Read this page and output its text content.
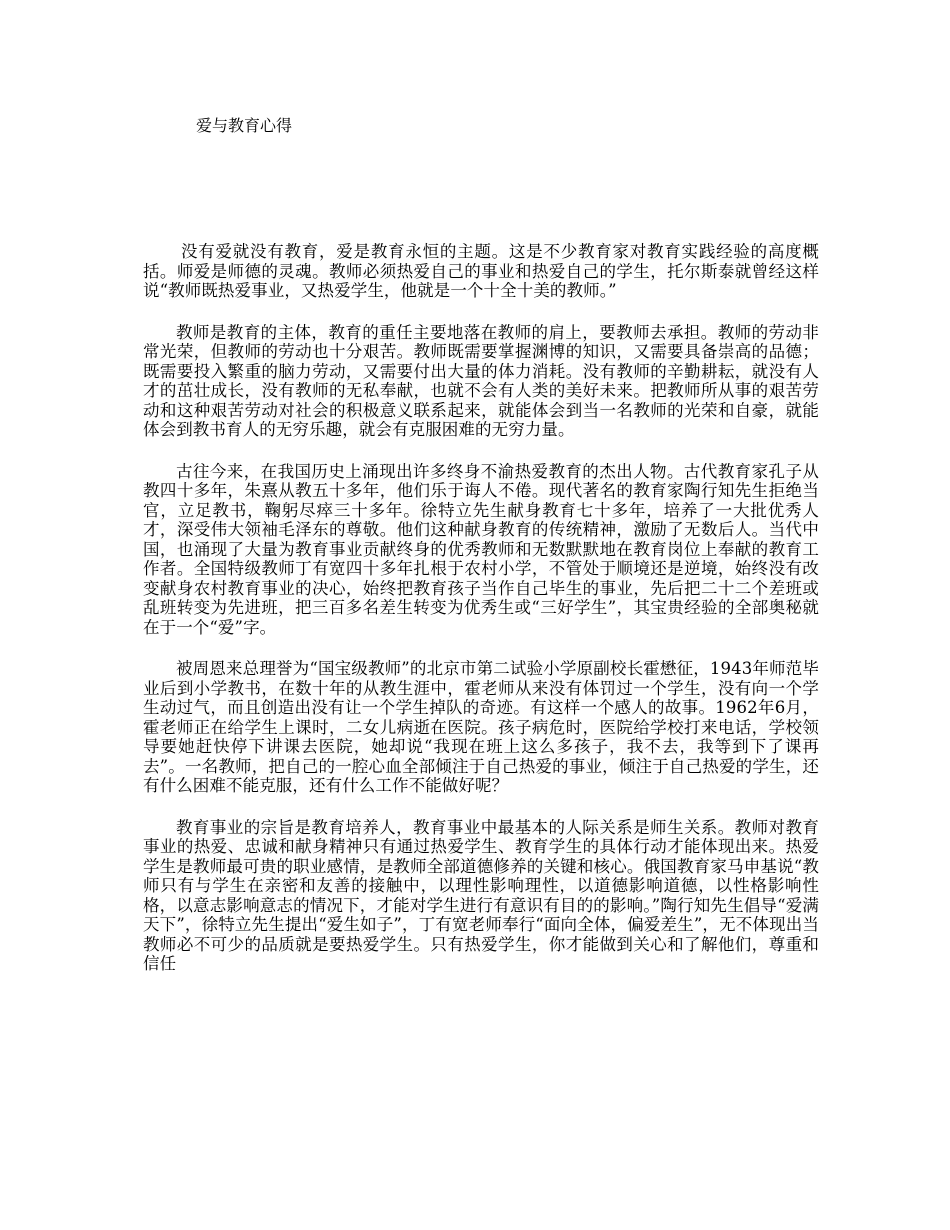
爱与教育心得

没有爱就没有教育，爱是教育永恒的主题。这是不少教育家对教育实践经验的高度概括。师爱是师德的灵魂。教师必须热爱自己的事业和热爱自己的学生，托尔斯泰就曾经这样说“教师既热爱事业，又热爱学生，他就是一个十全十美的教师。”

教师是教育的主体，教育的重任主要地落在教师的肩上，要教师去承担。教师的劳动非常光荣，但教师的劳动也十分艰苦。教师既需要掌握渊博的知识，又需要具备崇高的品德；既需要投入繁重的脑力劳动，又需要付出大量的体力消耗。没有教师的辛勤耕耘，就没有人才的茁壮成长，没有教师的无私奉献，也就不会有人类的美好未来。把教师所从事的艰苦劳动和这种艰苦劳动对社会的积极意义联系起来，就能体会到当一名教师的光荣和自豪，就能体会到教书育人的无穷乐趣，就会有克服困难的无穷力量。

古往今来，在我国历史上涌现出许多终身不渝热爱教育的杰出人物。古代教育家孔子从教四十多年，朱熹从教五十多年，他们乐于诲人不倦。现代著名的教育家陶行知先生拒绝当官，立足教书，鞠躬尽瘁三十多年。徐特立先生献身教育七十多年，培养了一大批优秀人才，深受伟大领袖毛泽东的尊敬。他们这种献身教育的传统精神，激励了无数后人。当代中国，也涌现了大量为教育事业贡献终身的优秀教师和无数默默地在教育岗位上奉献的教育工作者。全国特级教师丁有宽四十多年扎根于农村小学，不管处于顺境还是逆境，始终没有改变献身农村教育事业的决心，始终把教育孩子当作自己毕生的事业，先后把二十二个差班或乱班转变为先进班，把三百多名差生转变为优秀生或“三好学生”，其宝贵经验的全部奥秘就在于一个“爱”字。

被周恩来总理誉为“国宝级教师”的北京市第二试验小学原副校长霍懋征，1943年师范毕业后到小学教书，在数十年的从教生涯中，霍老师从来没有体罚过一个学生，没有向一个学生动过气，而且创造出没有让一个学生掉队的奇迹。有这样一个感人的故事。1962年6月，霍老师正在给学生上课时，二女儿病逝在医院。孩子病危时，医院给学校打来电话，学校领导要她赶快停下讲课去医院，她却说“我现在班上这么多孩子，我不去，我等到下了课再去”。一名教师，把自己的一腔心血全部倾注于自己热爱的事业，倾注于自己热爱的学生，还有什么困难不能克服，还有什么工作不能做好呢？

教育事业的宗旨是教育培养人，教育事业中最基本的人际关系是师生关系。教师对教育事业的热爱、忠诚和献身精神只有通过热爱学生、教育学生的具体行动才能体现出来。热爱学生是教师最可贵的职业感情，是教师全部道德修养的关键和核心。俄国教育家马申基说“教师只有与学生在亲密和友善的接触中，以理性影响理性，以道德影响道德，以性格影响性格，以意志影响意志的情况下，才能对学生进行有意识有目的的影响。”陶行知先生倡导“爱满天下”，徐特立先生提出“爱生如子”，丁有宽老师奉行“面向全体，偏爱差生”，无不体现出当教师必不可少的品质就是要热爱学生。只有热爱学生，你才能做到关心和了解他们，尊重和信任
